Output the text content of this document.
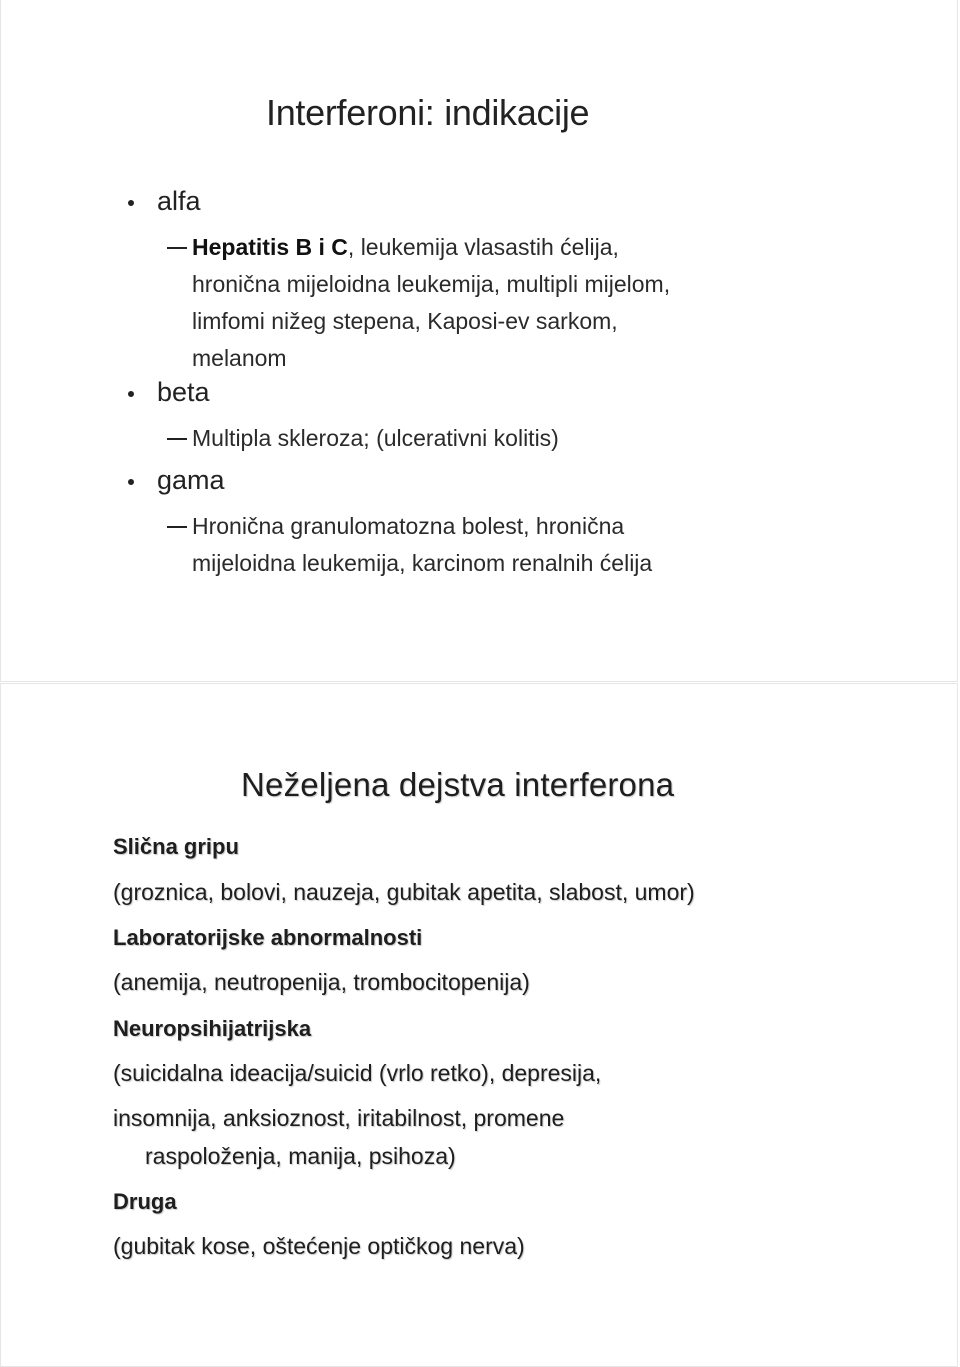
Interferoni: indikacije
alfa
Hepatitis B i C, leukemija vlasastih ćelija,
hronična mijeloidna leukemija, multipli mijelom,
limfomi nižeg stepena, Kaposi-ev sarkom,
melanom
beta
Multipla skleroza; (ulcerativni kolitis)
gama
Hronična granulomatozna bolest, hronična
mijeloidna leukemija, karcinom renalnih ćelija
Neželjena dejstva interferona
Slična gripu
(groznica, bolovi, nauzeja, gubitak apetita, slabost, umor)
Laboratorijske abnormalnosti
(anemija, neutropenija, trombocitopenija)
Neuropsihijatrijska
(suicidalna ideacija/suicid (vrlo retko), depresija,
insomnija, anksioznost, iritabilnost, promene
raspoloženja, manija, psihoza)
Druga
(gubitak kose, oštećenje optičkog nerva)
